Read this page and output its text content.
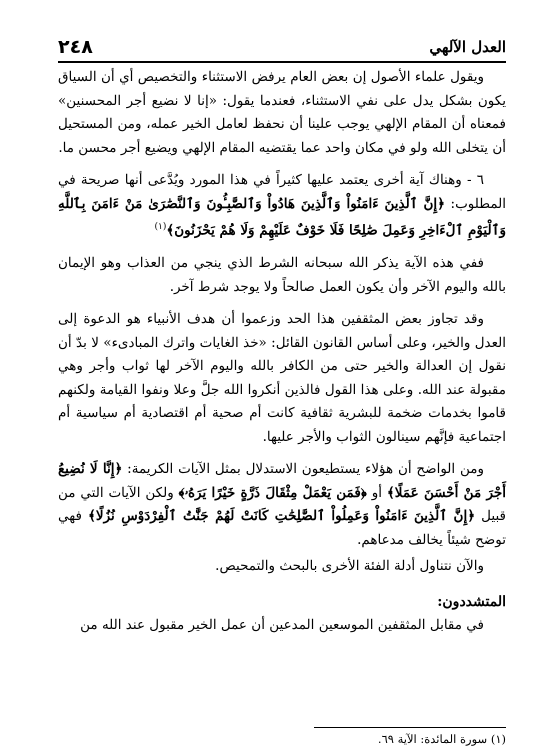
العدل الآلهي
٢٤٨

ويقول علماء الأصول إن بعض العام يرفض الاستثناء والتخصيص أي أن السياق يكون بشكل يدل على نفي الاستثناء، فعندما يقول: «إنا لا نضيع أجر المحسنين» فمعناه أن المقام الإلهي يوجب علينا أن نحفظ لعامل الخير عمله، ومن المستحيل أن يتخلى الله ولو في مكان واحد عما يقتضيه المقام الإلهي ويضيع أجر محسن ما.

٦ - وهناك آية أخرى يعتمد عليها كثيراً في هذا المورد ويُدَّعى أنها صريحة في المطلوب: ﴿إِنَّ ٱلَّذِينَ ءَامَنُواْ وَٱلَّذِينَ هَادُواْ وَٱلصَّٰبِـُٔونَ وَٱلنَّصَٰرَىٰ مَنْ ءَامَنَ بِٱللَّهِ وَٱلْيَوْمِ ٱلْءَاخِرِ وَعَمِلَ صَٰلِحًا فَلَا خَوْفٌ عَلَيْهِمْ وَلَا هُمْ يَحْزَنُونَ﴾$^{(١)}$

ففي هذه الآية يذكر الله سبحانه الشرط الذي ينجي من العذاب وهو الإيمان بالله واليوم الآخر وأن يكون العمل صالحاً ولا يوجد شرط آخر.

وقد تجاوز بعض المثقفين هذا الحد وزعموا أن هدف الأنبياء هو الدعوة إلى العدل والخير، وعلى أساس القانون القائل: «خذ الغايات واترك المبادىء» لا بدّ أن نقول إن العدالة والخير حتى من الكافر بالله واليوم الآخر لها ثواب وأجر وهي مقبولة عند الله. وعلى هذا القول فالذين أنكروا الله جلَّ وعلا ونفوا القيامة ولكنهم قاموا بخدمات ضخمة للبشرية ثقافية كانت أم صحية أم اقتصادية أم سياسية أم اجتماعية فإنَّهم سينالون الثواب والأجر عليها.

ومن الواضح أن هؤلاء يستطيعون الاستدلال بمثل الآيات الكريمة: ﴿إِنَّا لَا نُضِيعُ أَجْرَ مَنْ أَحْسَنَ عَمَلًا﴾ أو ﴿فَمَن يَعْمَلْ مِثْقَالَ ذَرَّةٍ خَيْرًا يَرَهُۥ﴾ ولكن الآيات التي من قبيل ﴿إِنَّ ٱلَّذِينَ ءَامَنُواْ وَعَمِلُواْ ٱلصَّٰلِحَٰتِ كَانَتْ لَهُمْ جَنَّٰتُ ٱلْفِرْدَوْسِ نُزُلًا﴾ فهي توضح شيئاً يخالف مدعاهم.

والآن نتناول أدلة الفئة الأخرى بالبحث والتمحيص.

المتشددون:

في مقابل المثقفين الموسعين المدعين أن عمل الخير مقبول عند الله من

(١) سورة المائدة: الآية ٦٩.
